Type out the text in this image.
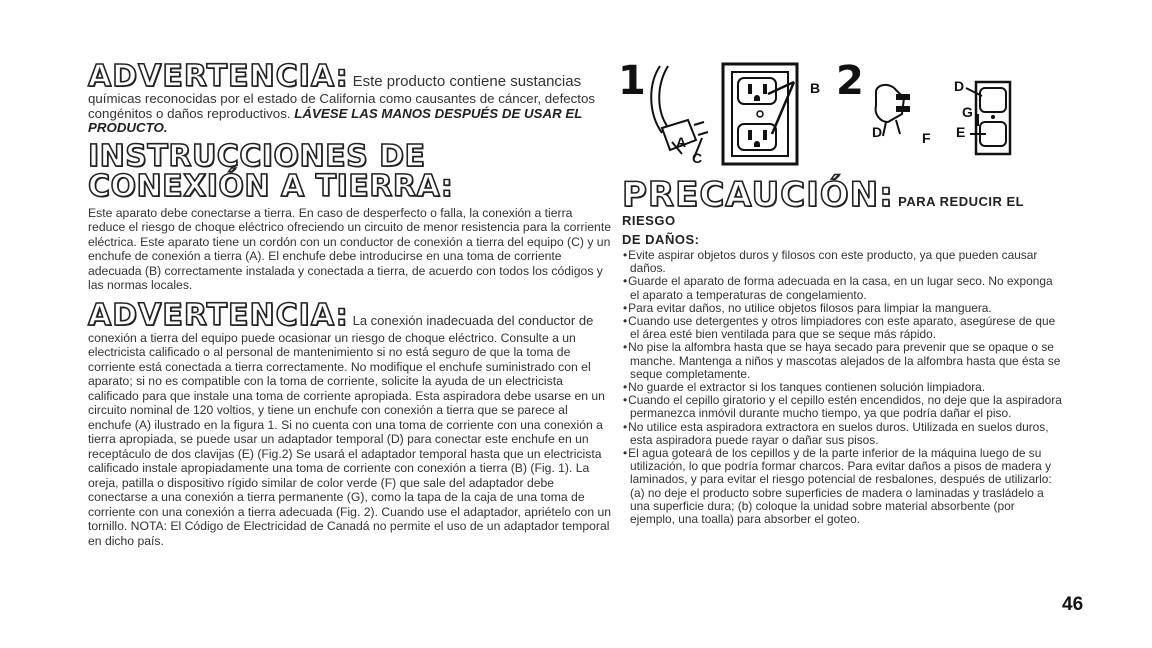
ADVERTENCIA: Este producto contiene sustancias

químicas reconocidas por el estado de California como causantes de cáncer, defectos congénitos o daños reproductivos. LÁVESE LAS MANOS DESPUÉS DE USAR EL PRODUCTO.

INSTRUCCIONES DE CONEXIÓN A TIERRA:

Este aparato debe conectarse a tierra. En caso de desperfecto o falla, la conexión a tierra reduce el riesgo de choque eléctrico ofreciendo un circuito de menor resistencia para la corriente eléctrica. Este aparato tiene un cordón con un conductor de conexión a tierra del equipo (C) y un enchufe de conexión a tierra (A). El enchufe debe introducirse en una toma de corriente adecuada (B) correctamente instalada y conectada a tierra, de acuerdo con todos los códigos y las normas locales.

ADVERTENCIA: La conexión inadecuada del conductor de

conexión a tierra del equipo puede ocasionar un riesgo de choque eléctrico. Consulte a un electricista calificado o al personal de mantenimiento si no está seguro de que la toma de corriente está conectada a tierra correctamente. No modifique el enchufe suministrado con el aparato; si no es compatible con la toma de corriente, solicite la ayuda de un electricista calificado para que instale una toma de corriente apropiada. Esta aspiradora debe usarse en un circuito nominal de 120 voltios, y tiene un enchufe con conexión a tierra que se parece al enchufe (A) ilustrado en la figura 1. Si no cuenta con una toma de corriente con una conexión a tierra apropiada, se puede usar un adaptador temporal (D) para conectar este enchufe en un receptáculo de dos clavijas (E) (Fig.2) Se usará el adaptador temporal hasta que un electricista calificado instale apropiadamente una toma de corriente con conexión a tierra (B) (Fig. 1). La oreja, patilla o dispositivo rígido similar de color verde (F) que sale del adaptador debe conectarse a una conexión a tierra permanente (G), como la tapa de la caja de una toma de corriente con una conexión a tierra adecuada (Fig. 2). Cuando use el adaptador, apriételo con un tornillo. NOTA: El Código de Electricidad de Canadá no permite el uso de un adaptador temporal en dicho país.

1	B
A
C
2	D
G
D	F E
PRECAUCIÓN: PARA REDUCIR EL RIESGO
DE DAÑOS:
• Evite aspirar objetos duros y filosos con este producto, ya que pueden causar daños.
• Guarde el aparato de forma adecuada en la casa, en un lugar seco. No exponga el aparato a temperaturas de congelamiento.
• Para evitar daños, no utilice objetos filosos para limpiar la manguera.
• Cuando use detergentes y otros limpiadores con este aparato, asegúrese de que el área esté bien ventilada para que se seque más rápido.
• No pise la alfombra hasta que se haya secado para prevenir que se opaque o se manche. Mantenga a niños y mascotas alejados de la alfombra hasta que ésta se seque completamente.
• No guarde el extractor si los tanques contienen solución limpiadora.
• Cuando el cepillo giratorio y el cepillo estén encendidos, no deje que la aspiradora permanezca inmóvil durante mucho tiempo, ya que podría dañar el piso.
• No utilice esta aspiradora extractora en suelos duros. Utilizada en suelos duros, esta aspiradora puede rayar o dañar sus pisos.
• El agua goteará de los cepillos y de la parte inferior de la máquina luego de su utilización, lo que podría formar charcos. Para evitar daños a pisos de madera y laminados, y para evitar el riesgo potencial de resbalones, después de utilizarlo: (a) no deje el producto sobre superficies de madera o laminadas y trasládelo a una superficie dura; (b) coloque la unidad sobre material absorbente (por ejemplo, una toalla) para absorber el goteo.
46
